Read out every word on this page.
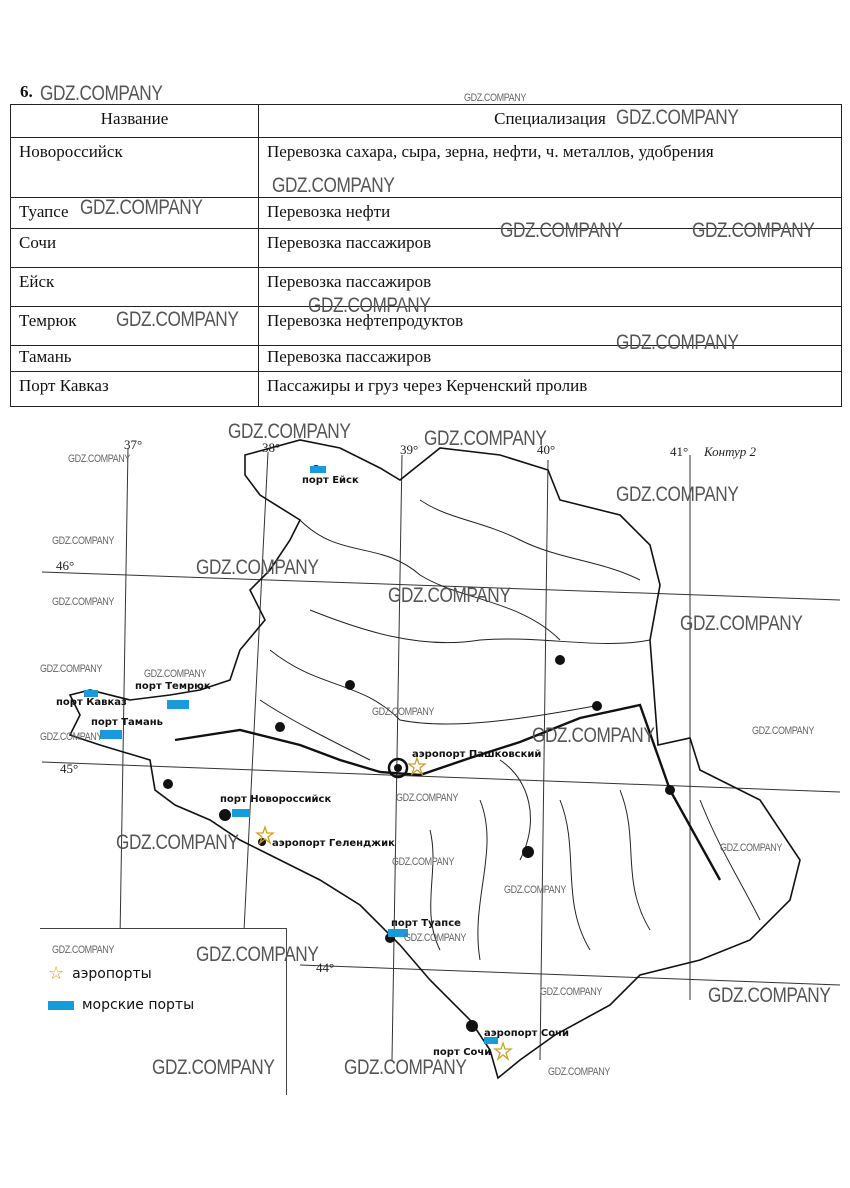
6.
Название	Специализация
Новороссийск	Перевозка сахара, сыра, зерна, нефти, ч. металлов, удобрения
Туапсе	Перевозка нефти
Сочи	Перевозка пассажиров
Ейск	Перевозка пассажиров
Темрюк	Перевозка нефтепродуктов
Тамань	Перевозка пассажиров
Порт Кавказ	Пассажиры и груз через Керченский пролив
37°	38°	39°	40°	41°
46°
45°
44°
Контур 2
порт Ейск
порт Кавказ
порт Темрюк
порт Тамань
порт Новороссийск
порт Туапсе
порт Сочи
аэропорт Пашковский
аэропорт Геленджик
аэропорт Сочи
☆ аэропорты
морские порты
GDZ.COMPANY	GDZ.COMPANY
GDZ.COMPANY
GDZ.COMPANY
GDZ.COMPANY
GDZ.COMPANY	GDZ.COMPANY
GDZ.COMPANY
GDZ.COMPANY
GDZ.COMPANY
GDZ.COMPANY	GDZ.COMPANY
GDZ.COMPANY
GDZ.COMPANY
GDZ.COMPANY
GDZ.COMPANY
GDZ.COMPANY
GDZ.COMPANY
GDZ.COMPANY
GDZ.COMPANY	GDZ.COMPANY
GDZ.COMPANY
GDZ.COMPANY
GDZ.COMPANY	GDZ.COMPANY
GDZ.COMPANY
GDZ.COMPANY	GDZ.COMPANY
GDZ.COMPANY
GDZ.COMPANY
GDZ.COMPANY
GDZ.COMPANY	GDZ.COMPANY
GDZ.COMPANY	GDZ.COMPANY
GDZ.COMPANY	GDZ.COMPANY	GDZ.COMPANY
